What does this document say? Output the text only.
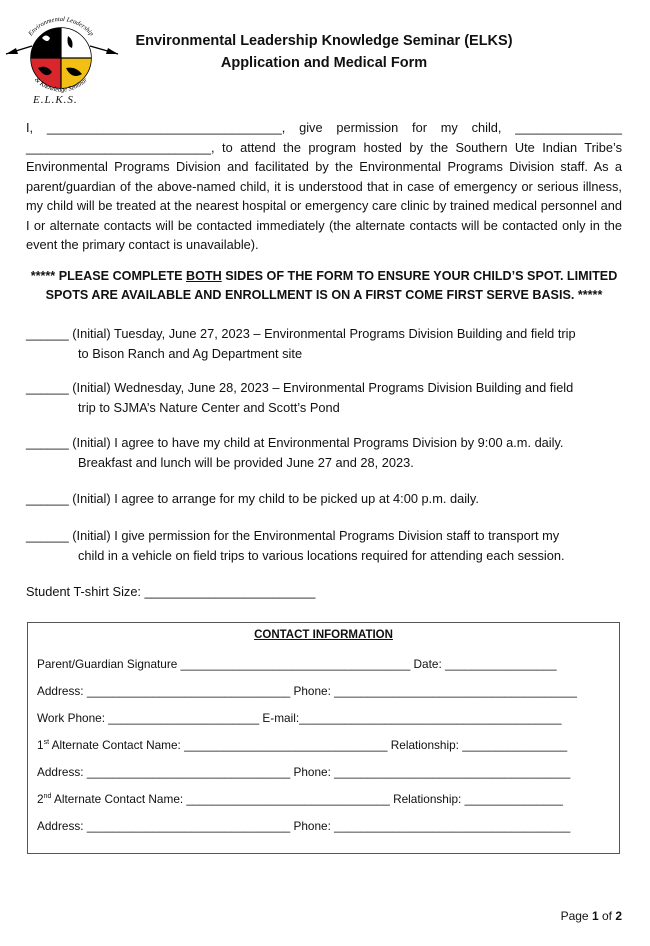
Environmental Leadership
& Knowledge Seminar
E.L.K.S.
Environmental Leadership Knowledge Seminar (ELKS)
Application and Medical Form

I, _________________________________, give permission for my child, _______________ __________________________, to attend the program hosted by the Southern Ute Indian Tribe’s Environmental Programs Division and facilitated by the Environmental Programs Division staff. As a parent/guardian of the above-named child, it is understood that in case of emergency or serious illness, my child will be treated at the nearest hospital or emergency care clinic by trained medical personnel and I or alternate contacts will be contacted immediately (the alternate contacts will be contacted only in the event the primary contact is unavailable).

***** PLEASE COMPLETE BOTH SIDES OF THE FORM TO ENSURE YOUR CHILD’S SPOT. LIMITED SPOTS ARE AVAILABLE AND ENROLLMENT IS ON A FIRST COME FIRST SERVE BASIS. *****

______ (Initial) Tuesday, June 27, 2023 – Environmental Programs Division Building and field trip
to Bison Ranch and Ag Department site
______ (Initial) Wednesday, June 28, 2023 – Environmental Programs Division Building and field
trip to SJMA’s Nature Center and Scott’s Pond
______ (Initial) I agree to have my child at Environmental Programs Division by 9:00 a.m. daily.
Breakfast and lunch will be provided June 27 and 28, 2023.
______ (Initial) I agree to arrange for my child to be picked up at 4:00 p.m. daily.
______ (Initial) I give permission for the Environmental Programs Division staff to transport my
child in a vehicle on field trips to various locations required for attending each session.
Student T-shirt Size: ________________________
CONTACT INFORMATION
Parent/Guardian Signature ___________________________________ Date: _________________
Address: _______________________________ Phone: _____________________________________
Work Phone: _______________________ E-mail:________________________________________
1st Alternate Contact Name: _______________________________ Relationship: ________________
Address: _______________________________ Phone: ____________________________________
2nd Alternate Contact Name: _______________________________ Relationship: _______________
Address: _______________________________ Phone: ____________________________________
Page 1 of 2
